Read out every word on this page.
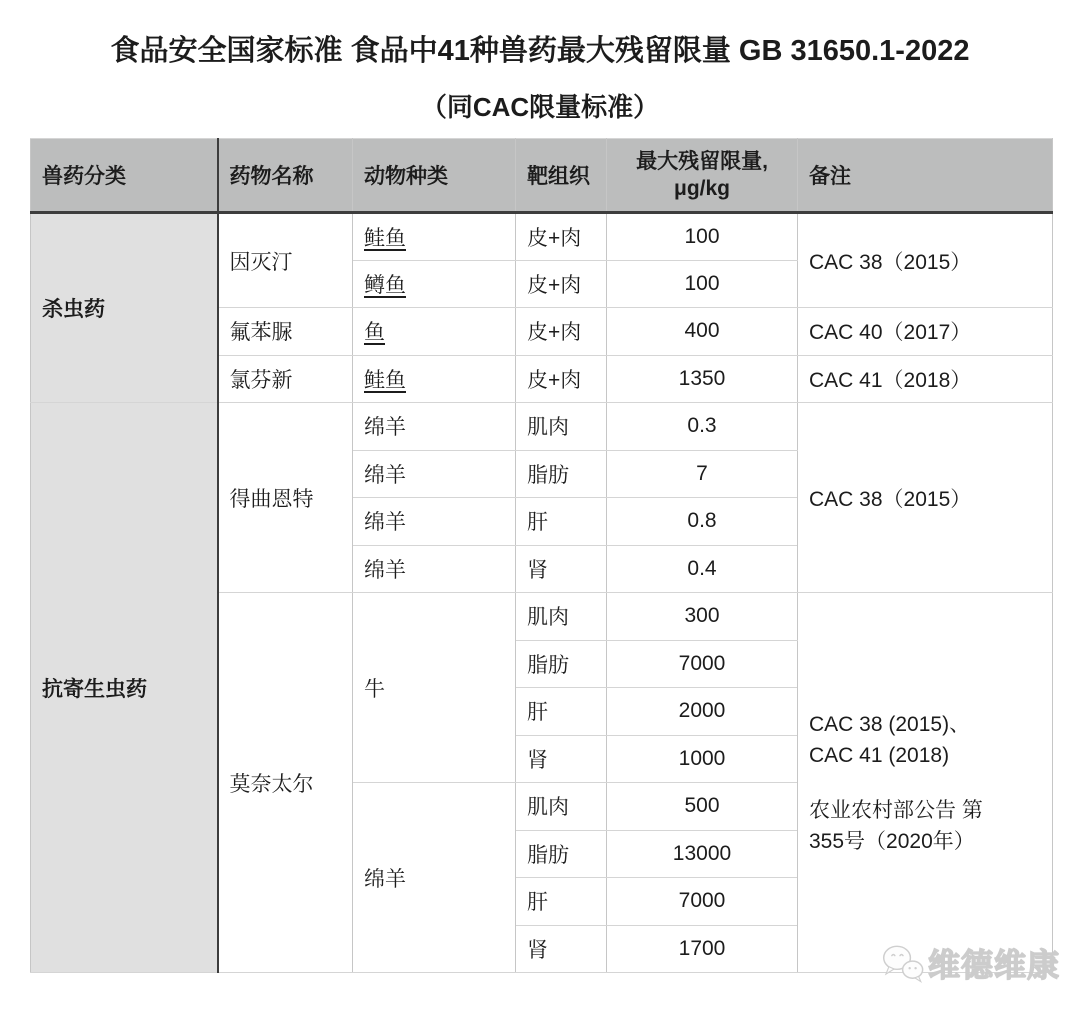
食品安全国家标准 食品中41种兽药最大残留限量 GB 31650.1-2022
（同CAC限量标准）
兽药分类	药物名称	动物种类	靶组织	最大残留限量,
μg/kg	备注
杀虫药	因灭汀	鲑鱼	皮+肉	100	CAC 38（2015）
		鳟鱼	皮+肉	100	
	氟苯脲	鱼	皮+肉	400	CAC 40（2017）
	氯芬新	鲑鱼	皮+肉	1350	CAC 41（2018）
抗寄生虫药	得曲恩特	绵羊	肌肉	0.3	CAC 38（2015）
		绵羊	脂肪	7	
		绵羊	肝	0.8	
		绵羊	肾	0.4	
	莫奈太尔	牛	肌肉	300	CAC 38 (2015)、
CAC 41 (2018)
农业农村部公告 第
355号（2020年）

			脂肪	7000	
			肝	2000	
			肾	1000	
		绵羊	肌肉	500	
			脂肪	13000	
			肝	7000	
			肾	1700		维德维康
